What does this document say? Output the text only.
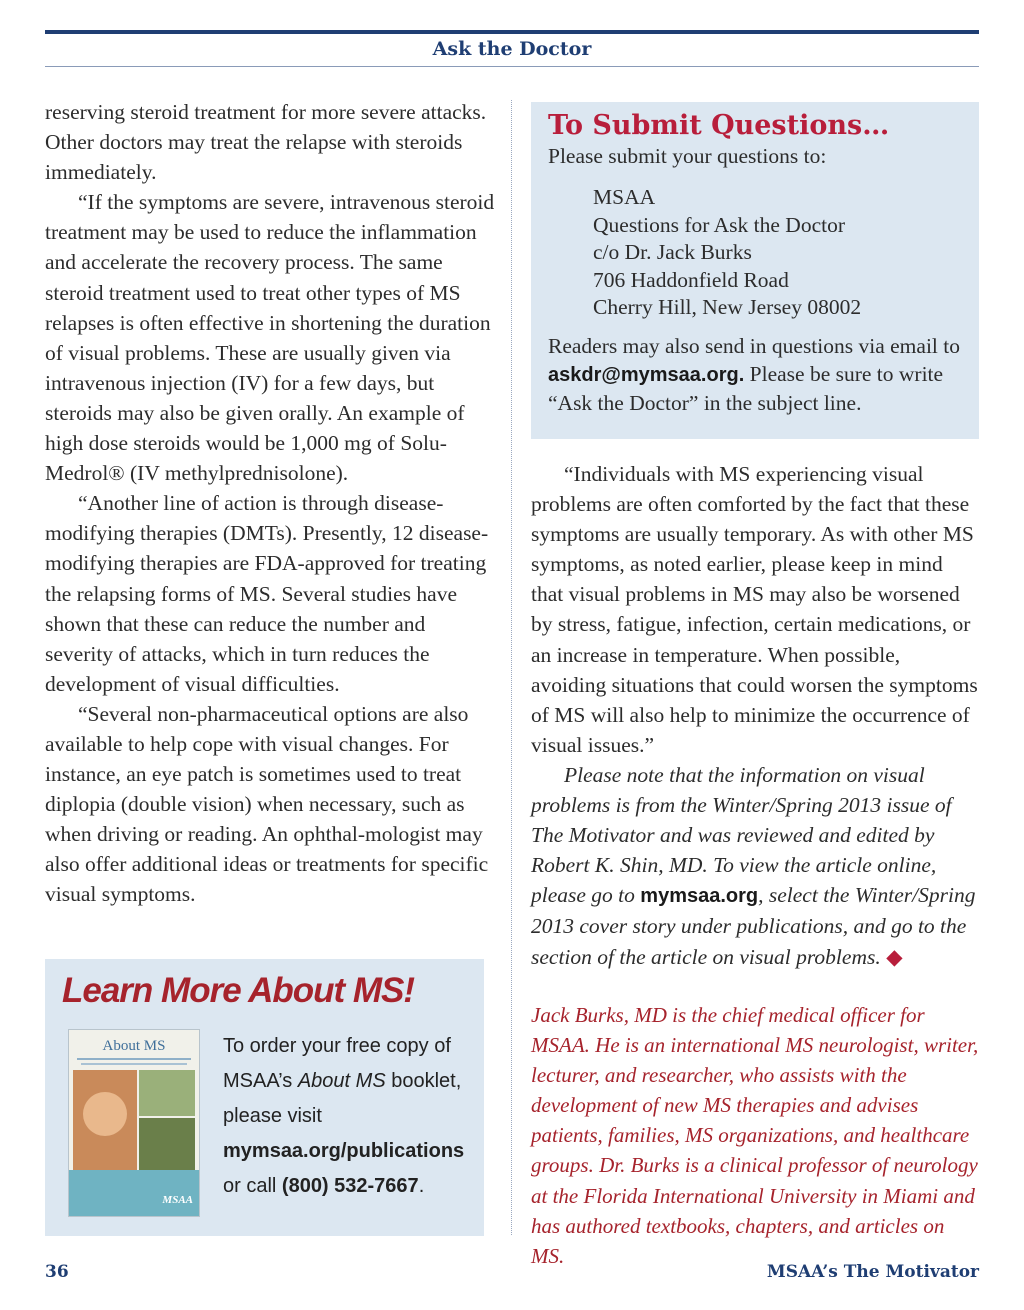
Ask the Doctor

reserving steroid treatment for more severe attacks. Other doctors may treat the relapse with steroids immediately.

“If the symptoms are severe, intravenous steroid treatment may be used to reduce the inflammation and accelerate the recovery process. The same steroid treatment used to treat other types of MS relapses is often effective in shortening the duration of visual problems. These are usually given via intravenous injection (IV) for a few days, but steroids may also be given orally. An example of high dose steroids would be 1,000 mg of Solu-Medrol® (IV methylprednisolone).

“Another line of action is through disease-modifying therapies (DMTs). Presently, 12 disease-modifying therapies are FDA-approved for treating the relapsing forms of MS. Several studies have shown that these can reduce the number and severity of attacks, which in turn reduces the development of visual difficulties.

“Several non-pharmaceutical options are also available to help cope with visual changes. For instance, an eye patch is sometimes used to treat diplopia (double vision) when necessary, such as when driving or reading. An ophthal-mologist may also offer additional ideas or treatments for specific visual symptoms.

To Submit Questions…
Please submit your questions to:
MSAA
Questions for Ask the Doctor
c/o Dr. Jack Burks
706 Haddonfield Road
Cherry Hill, New Jersey 08002
Readers may also send in questions via email to askdr@mymsaa.org. Please be sure to write “Ask the Doctor” in the subject line.

“Individuals with MS experiencing visual problems are often comforted by the fact that these symptoms are usually temporary. As with other MS symptoms, as noted earlier, please keep in mind that visual problems in MS may also be worsened by stress, fatigue, infection, certain medications, or an increase in temperature. When possible, avoiding situations that could worsen the symptoms of MS will also help to minimize the occurrence of visual issues.”

Please note that the information on visual problems is from the Winter/Spring 2013 issue of The Motivator and was reviewed and edited by Robert K. Shin, MD. To view the article online, please go to mymsaa.org, select the Winter/Spring 2013 cover story under publications, and go to the section of the article on visual problems. ◆

Jack Burks, MD is the chief medical officer for MSAA. He is an international MS neurologist, writer, lecturer, and researcher, who assists with the development of new MS therapies and advises patients, families, MS organizations, and healthcare groups. Dr. Burks is a clinical professor of neurology at the Florida International University in Miami and has authored textbooks, chapters, and articles on MS.
Learn More About MS!
About MS
MSAA
To order your free copy of MSAA’s About MS booklet, please visit mymsaa.org/publications or call (800) 532-7667.
36	MSAA’s The Motivator
